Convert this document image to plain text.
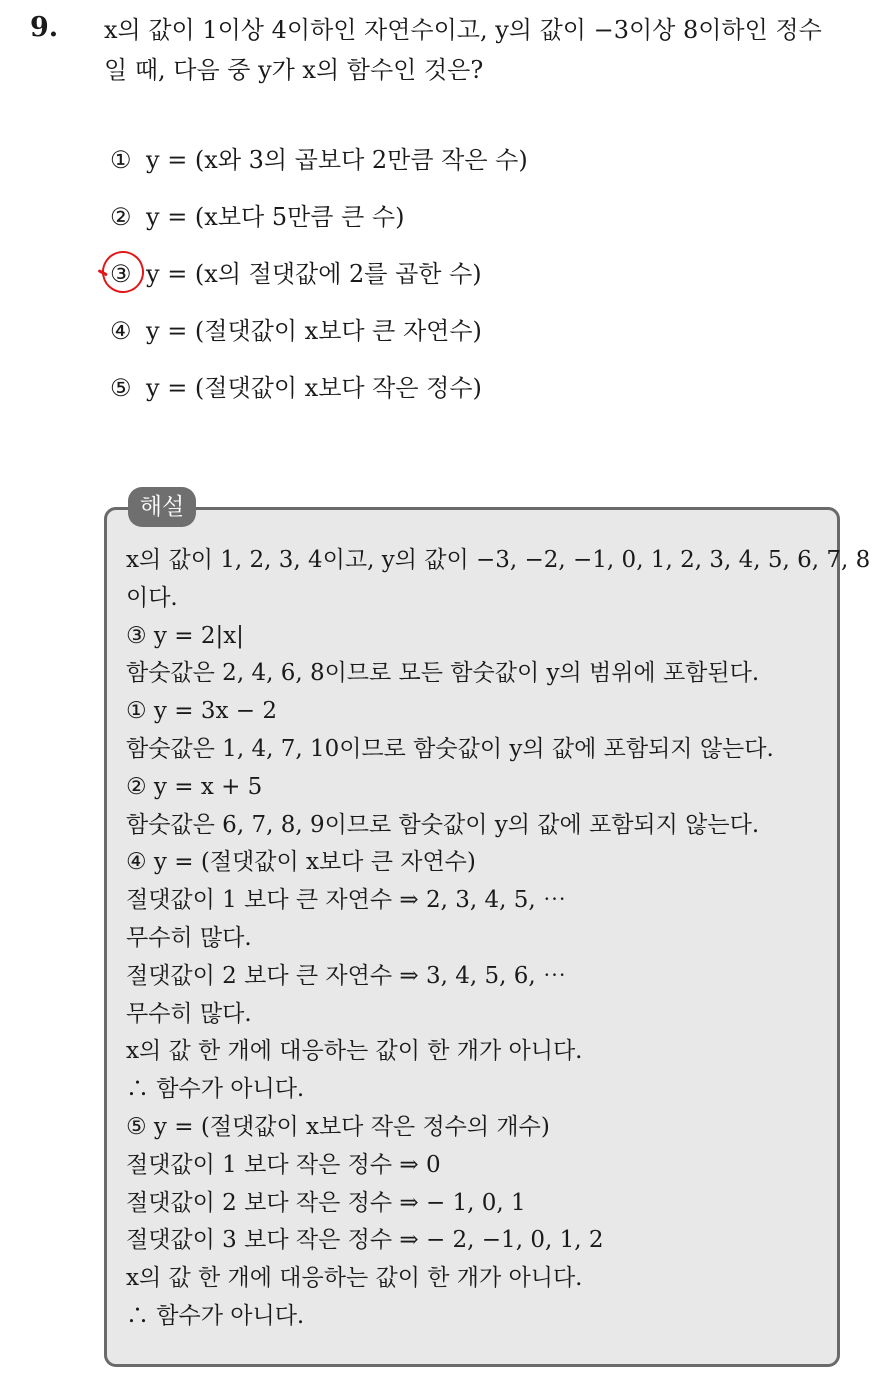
9. x의 값이 1이상 4이하인 자연수이고, y의 값이 −3이상 8이하인 정수
일 때, 다음 중 y가 x의 함수인 것은?
① y = (x와 3의 곱보다 2만큼 작은 수)
② y = (x보다 5만큼 큰 수)
③ y = (x의 절댓값에 2를 곱한 수)
④ y = (절댓값이 x보다 큰 자연수)
⑤ y = (절댓값이 x보다 작은 정수)
해설
x의 값이 1, 2, 3, 4이고, y의 값이 −3, −2, −1, 0, 1, 2, 3, 4, 5, 6, 7, 8
이다.
③ y = 2|x|
함숫값은 2, 4, 6, 8이므로 모든 함숫값이 y의 범위에 포함된다.
① y = 3x − 2
함숫값은 1, 4, 7, 10이므로 함숫값이 y의 값에 포함되지 않는다.
② y = x + 5
함숫값은 6, 7, 8, 9이므로 함숫값이 y의 값에 포함되지 않는다.
④ y = (절댓값이 x보다 큰 자연수)
절댓값이 1 보다 큰 자연수 ⇒ 2, 3, 4, 5, ⋯
무수히 많다.
절댓값이 2 보다 큰 자연수 ⇒ 3, 4, 5, 6, ⋯
무수히 많다.
x의 값 한 개에 대응하는 값이 한 개가 아니다.
∴ 함수가 아니다.
⑤ y = (절댓값이 x보다 작은 정수의 개수)
절댓값이 1 보다 작은 정수 ⇒ 0
절댓값이 2 보다 작은 정수 ⇒ − 1, 0, 1
절댓값이 3 보다 작은 정수 ⇒ − 2, −1, 0, 1, 2
x의 값 한 개에 대응하는 값이 한 개가 아니다.
∴ 함수가 아니다.
